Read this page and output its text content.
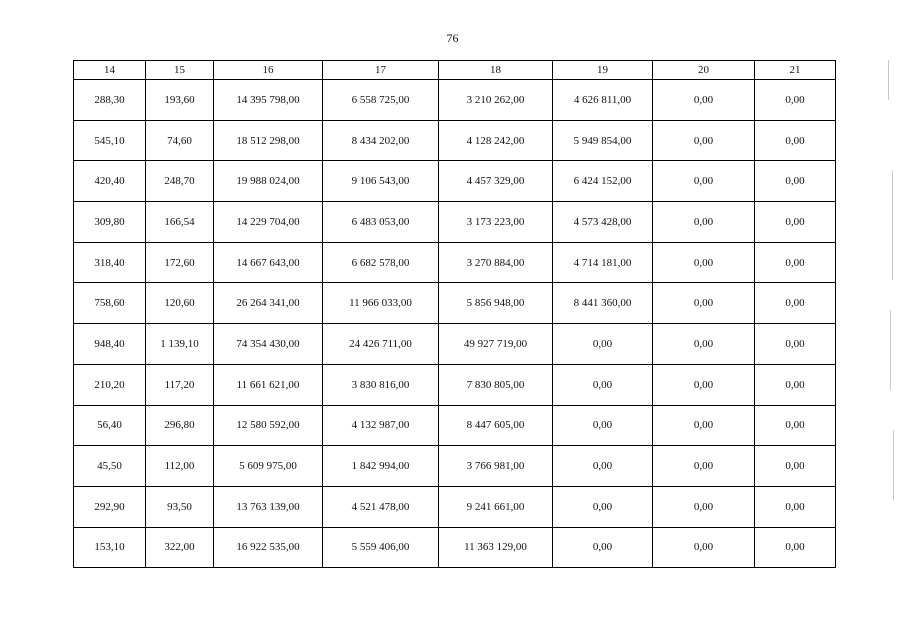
76
14	15	16	17	18	19	20	21
288,30	193,60	14 395 798,00	6 558 725,00	3 210 262,00	4 626 811,00	0,00	0,00
545,10	74,60	18 512 298,00	8 434 202,00	4 128 242,00	5 949 854,00	0,00	0,00
420,40	248,70	19 988 024,00	9 106 543,00	4 457 329,00	6 424 152,00	0,00	0,00
309,80	166,54	14 229 704,00	6 483 053,00	3 173 223,00	4 573 428,00	0,00	0,00
318,40	172,60	14 667 643,00	6 682 578,00	3 270 884,00	4 714 181,00	0,00	0,00
758,60	120,60	26 264 341,00	11 966 033,00	5 856 948,00	8 441 360,00	0,00	0,00
948,40	1 139,10	74 354 430,00	24 426 711,00	49 927 719,00	0,00	0,00	0,00
210,20	117,20	11 661 621,00	3 830 816,00	7 830 805,00	0,00	0,00	0,00
56,40	296,80	12 580 592,00	4 132 987,00	8 447 605,00	0,00	0,00	0,00
45,50	112,00	5 609 975,00	1 842 994,00	3 766 981,00	0,00	0,00	0,00
292,90	93,50	13 763 139,00	4 521 478,00	9 241 661,00	0,00	0,00	0,00
153,10	322,00	16 922 535,00	5 559 406,00	11 363 129,00	0,00	0,00	0,00
